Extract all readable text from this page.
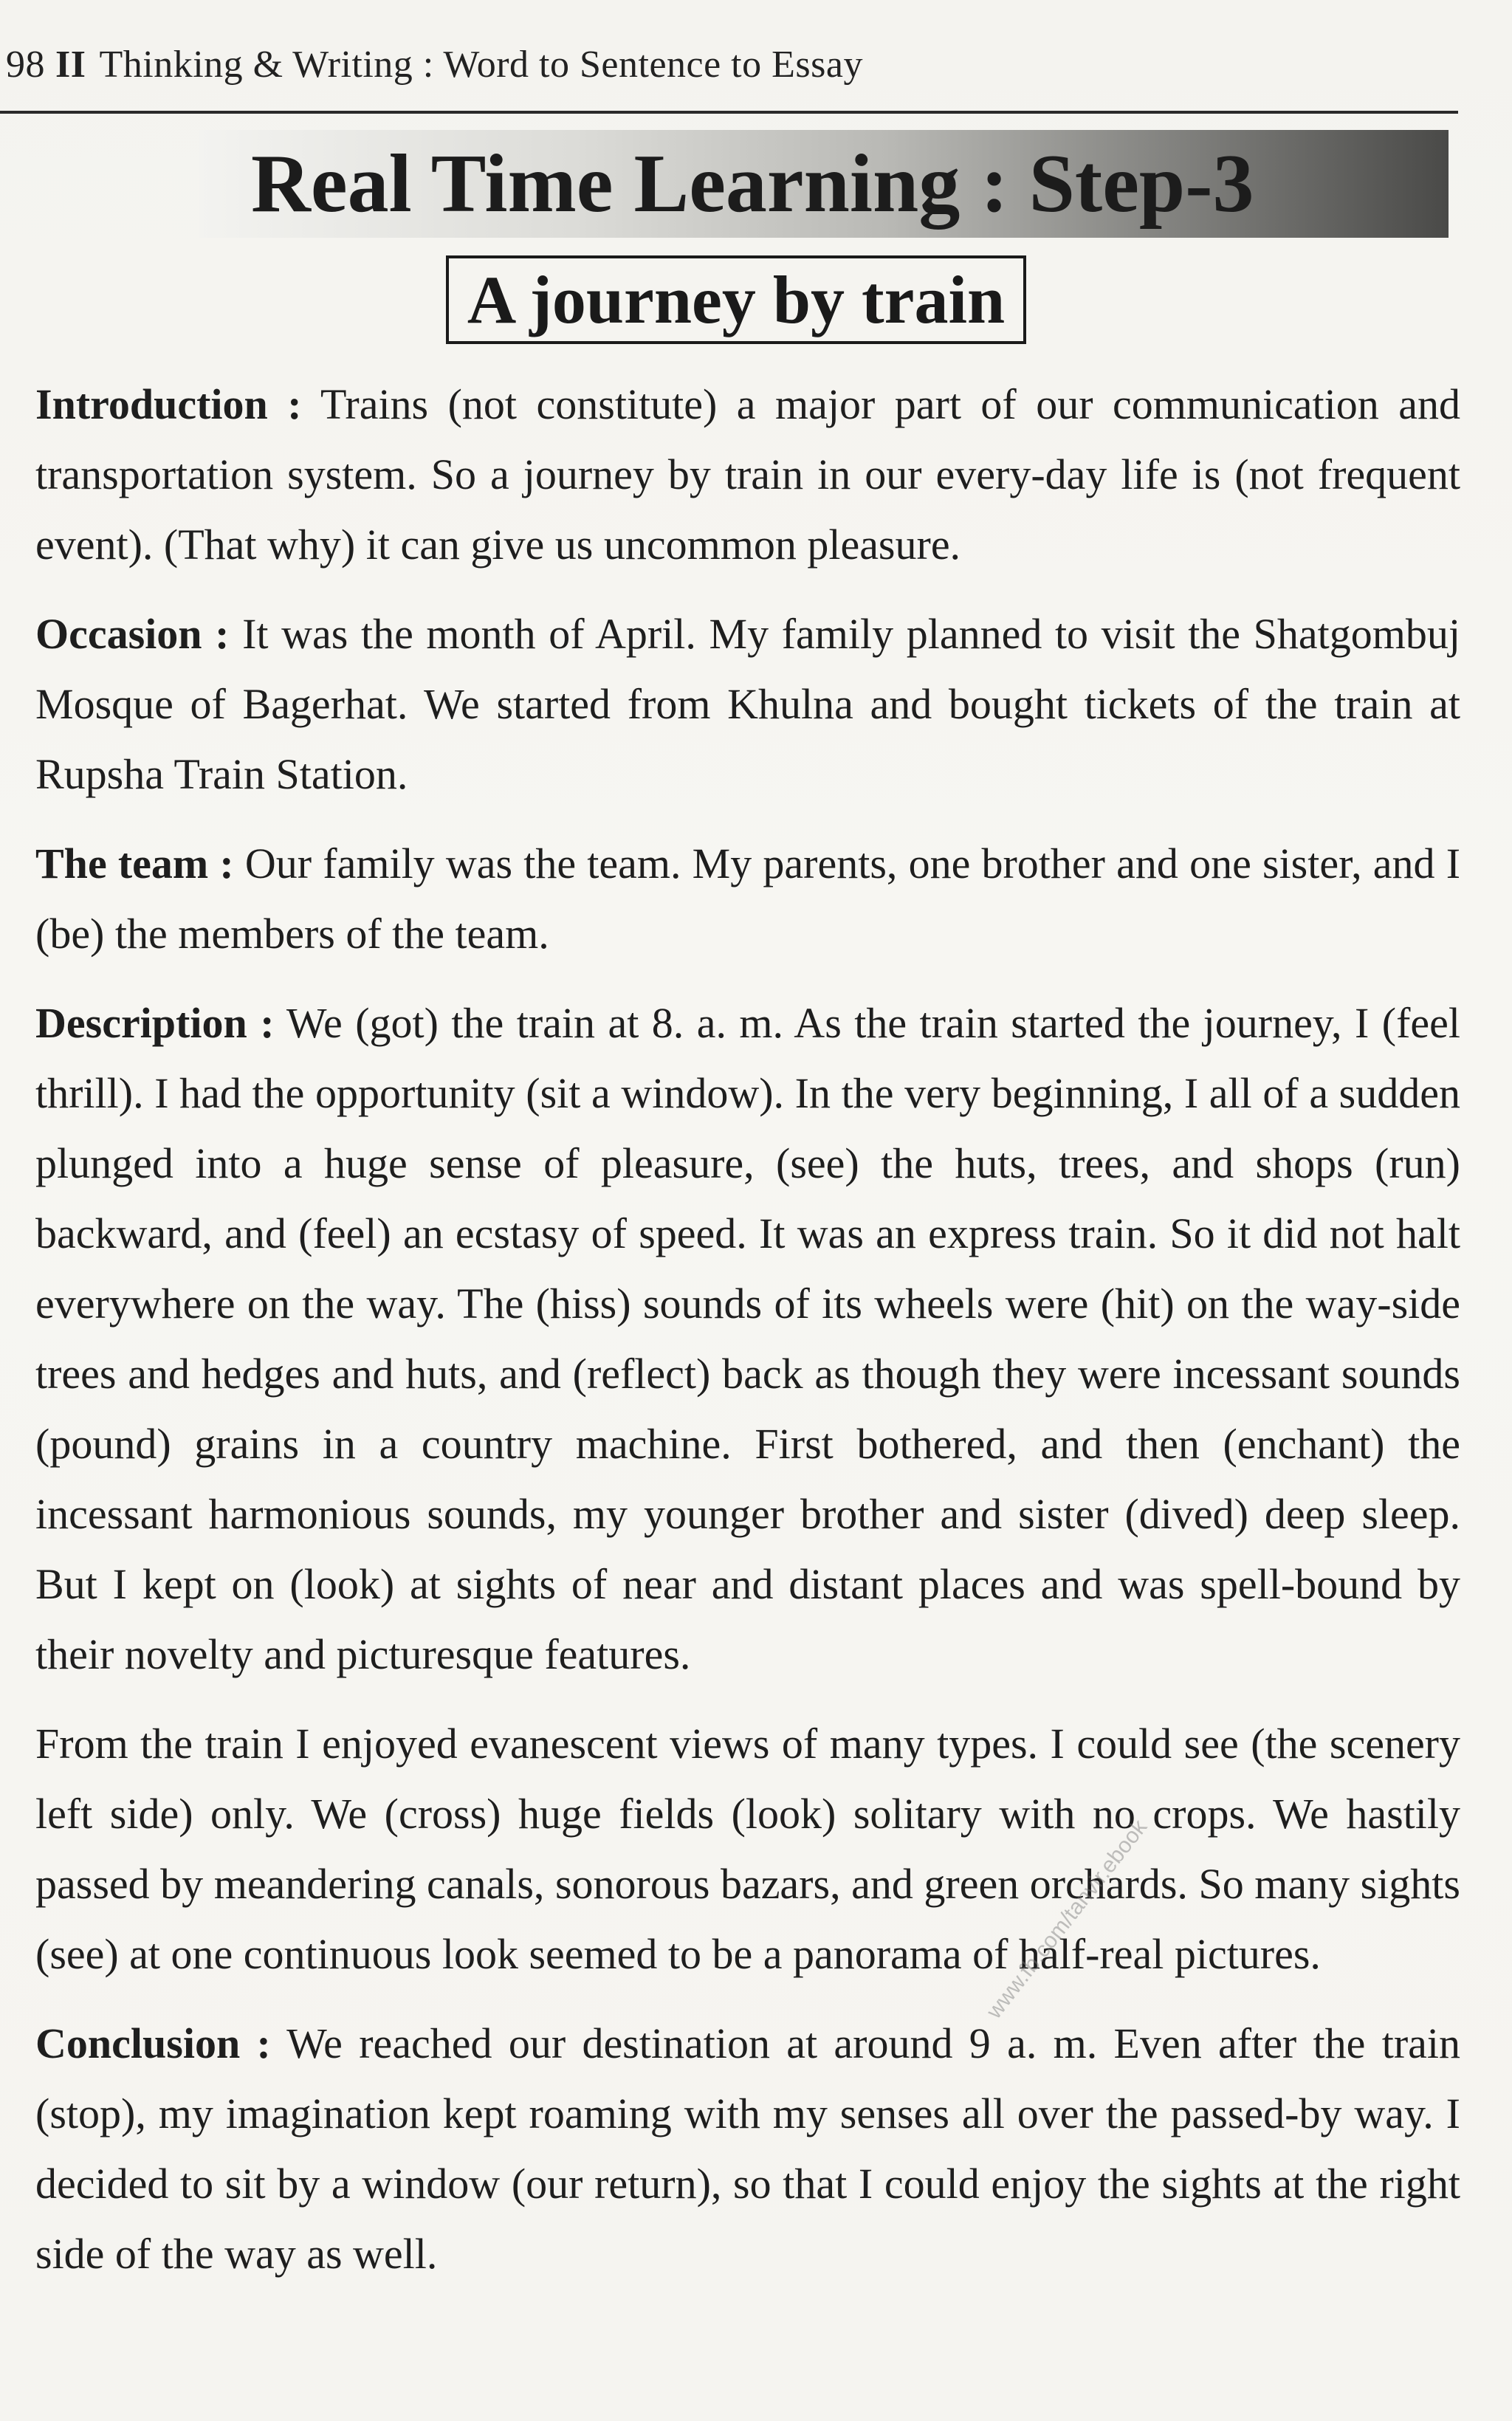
98 II Thinking & Writing : Word to Sentence to Essay
Real Time Learning : Step-3
A journey by train

Introduction : Trains (not constitute) a major part of our communication and transportation system. So a journey by train in our every-day life is (not frequent event). (That why) it can give us uncommon pleasure.

Occasion : It was the month of April. My family planned to visit the Shatgombuj Mosque of Bagerhat. We started from Khulna and bought tickets of the train at Rupsha Train Station.

The team : Our family was the team. My parents, one brother and one sister, and I (be) the members of the team.

Description : We (got) the train at 8. a. m. As the train started the journey, I (feel thrill). I had the opportunity (sit a window). In the very beginning, I all of a sudden plunged into a huge sense of pleasure, (see) the huts, trees, and shops (run) backward, and (feel) an ecstasy of speed. It was an express train. So it did not halt everywhere on the way. The (hiss) sounds of its wheels were (hit) on the way-side trees and hedges and huts, and (reflect) back as though they were incessant sounds (pound) grains in a country machine. First bothered, and then (enchant) the incessant harmonious sounds, my younger brother and sister (dived) deep sleep. But I kept on (look) at sights of near and distant places and was spell-bound by their novelty and picturesque features.

From the train I enjoyed evanescent views of many types. I could see (the scenery left side) only. We (cross) huge fields (look) solitary with no crops. We hastily passed by meandering canals, sonorous bazars, and green orchards. So many sights (see) at one continuous look seemed to be a panorama of half-real pictures.

Conclusion : We reached our destination at around 9 a. m. Even after the train (stop), my imagination kept roaming with my senses all over the passed-by way. I decided to sit by a window (our return), so that I could enjoy the sights at the right side of the way as well.

www.fb.com/tanvir.ebook
